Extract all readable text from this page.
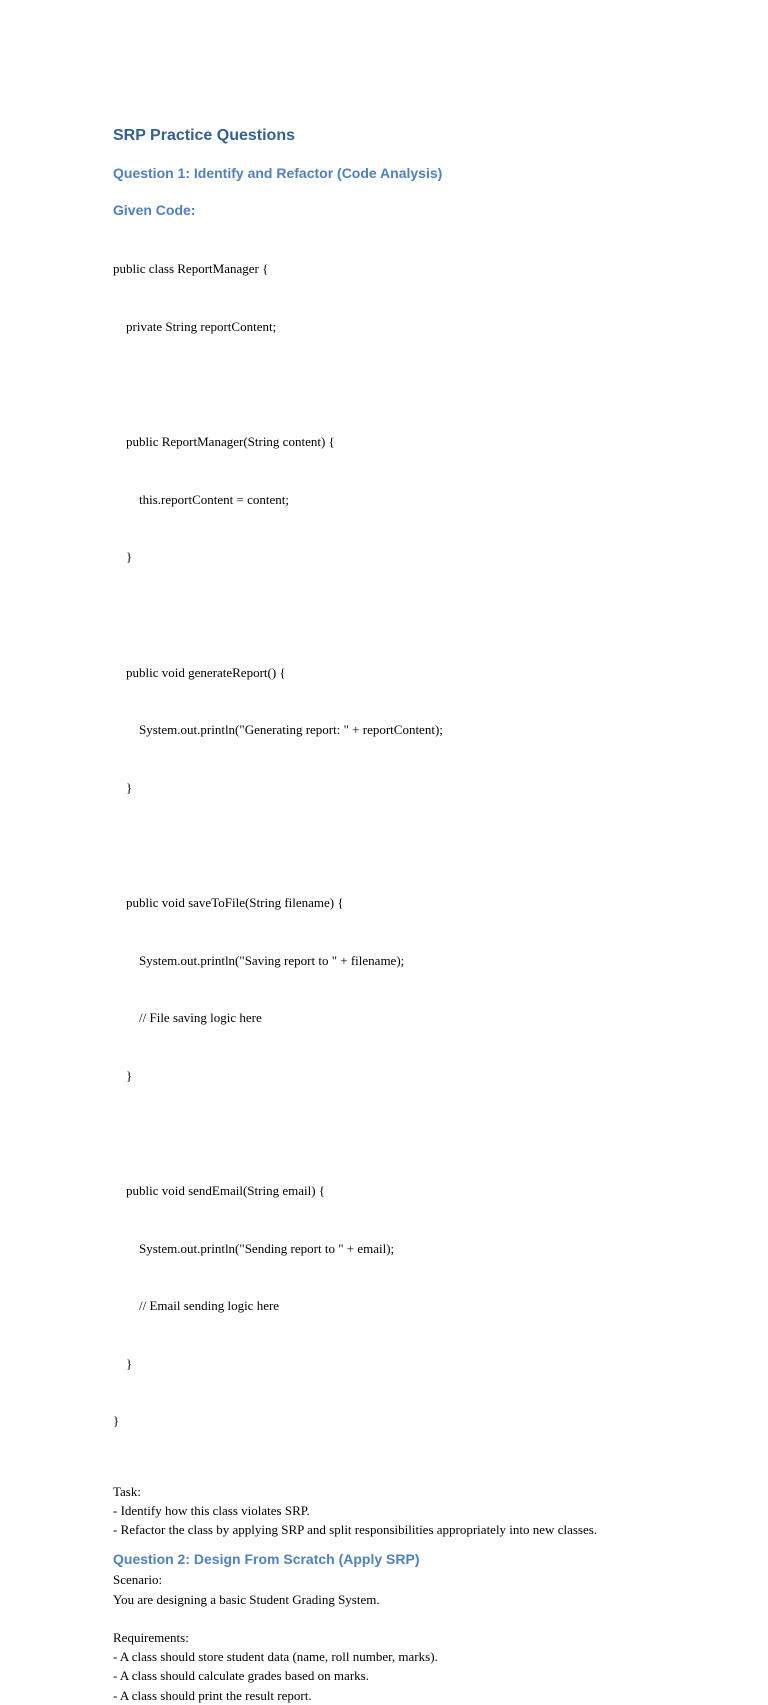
SRP Practice Questions
Question 1: Identify and Refactor (Code Analysis)
Given Code:

public class ReportManager {

private String reportContent;

public ReportManager(String content) {

this.reportContent = content;

}

public void generateReport() {

System.out.println("Generating report: " + reportContent);

}

public void saveToFile(String filename) {

System.out.println("Saving report to " + filename);

// File saving logic here

}

public void sendEmail(String email) {

System.out.println("Sending report to " + email);

// Email sending logic here

}

}

Task:
- Identify how this class violates SRP.
- Refactor the class by applying SRP and split responsibilities appropriately into new classes.
Question 2: Design From Scratch (Apply SRP)
Scenario:
You are designing a basic Student Grading System.
Requirements:
- A class should store student data (name, roll number, marks).
- A class should calculate grades based on marks.
- A class should print the result report.
